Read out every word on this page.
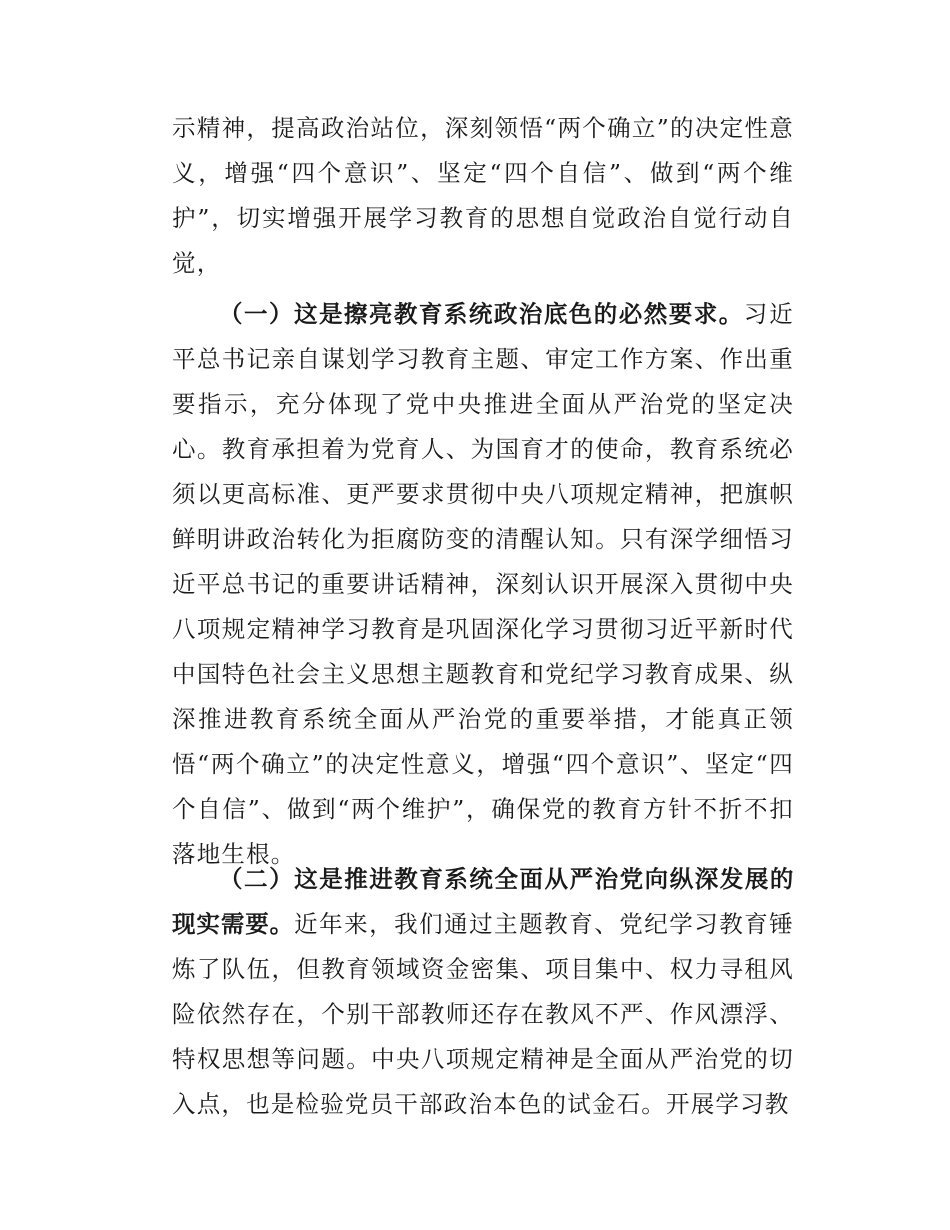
示精神，提高政治站位，深刻领悟“两个确立”的决定性意义，增强“四个意识”、坚定“四个自信”、做到“两个维护”，切实增强开展学习教育的思想自觉政治自觉行动自觉，

（一）这是擦亮教育系统政治底色的必然要求。习近平总书记亲自谋划学习教育主题、审定工作方案、作出重要指示，充分体现了党中央推进全面从严治党的坚定决心。教育承担着为党育人、为国育才的使命，教育系统必须以更高标准、更严要求贯彻中央八项规定精神，把旗帜鲜明讲政治转化为拒腐防变的清醒认知。只有深学细悟习近平总书记的重要讲话精神，深刻认识开展深入贯彻中央八项规定精神学习教育是巩固深化学习贯彻习近平新时代中国特色社会主义思想主题教育和党纪学习教育成果、纵深推进教育系统全面从严治党的重要举措，才能真正领悟“两个确立”的决定性意义，增强“四个意识”、坚定“四个自信”、做到“两个维护”，确保党的教育方针不折不扣落地生根。

（二）这是推进教育系统全面从严治党向纵深发展的现实需要。近年来，我们通过主题教育、党纪学习教育锤炼了队伍，但教育领域资金密集、项目集中、权力寻租风险依然存在，个别干部教师还存在教风不严、作风漂浮、特权思想等问题。中央八项规定精神是全面从严治党的切入点，也是检验党员干部政治本色的试金石。开展学习教
